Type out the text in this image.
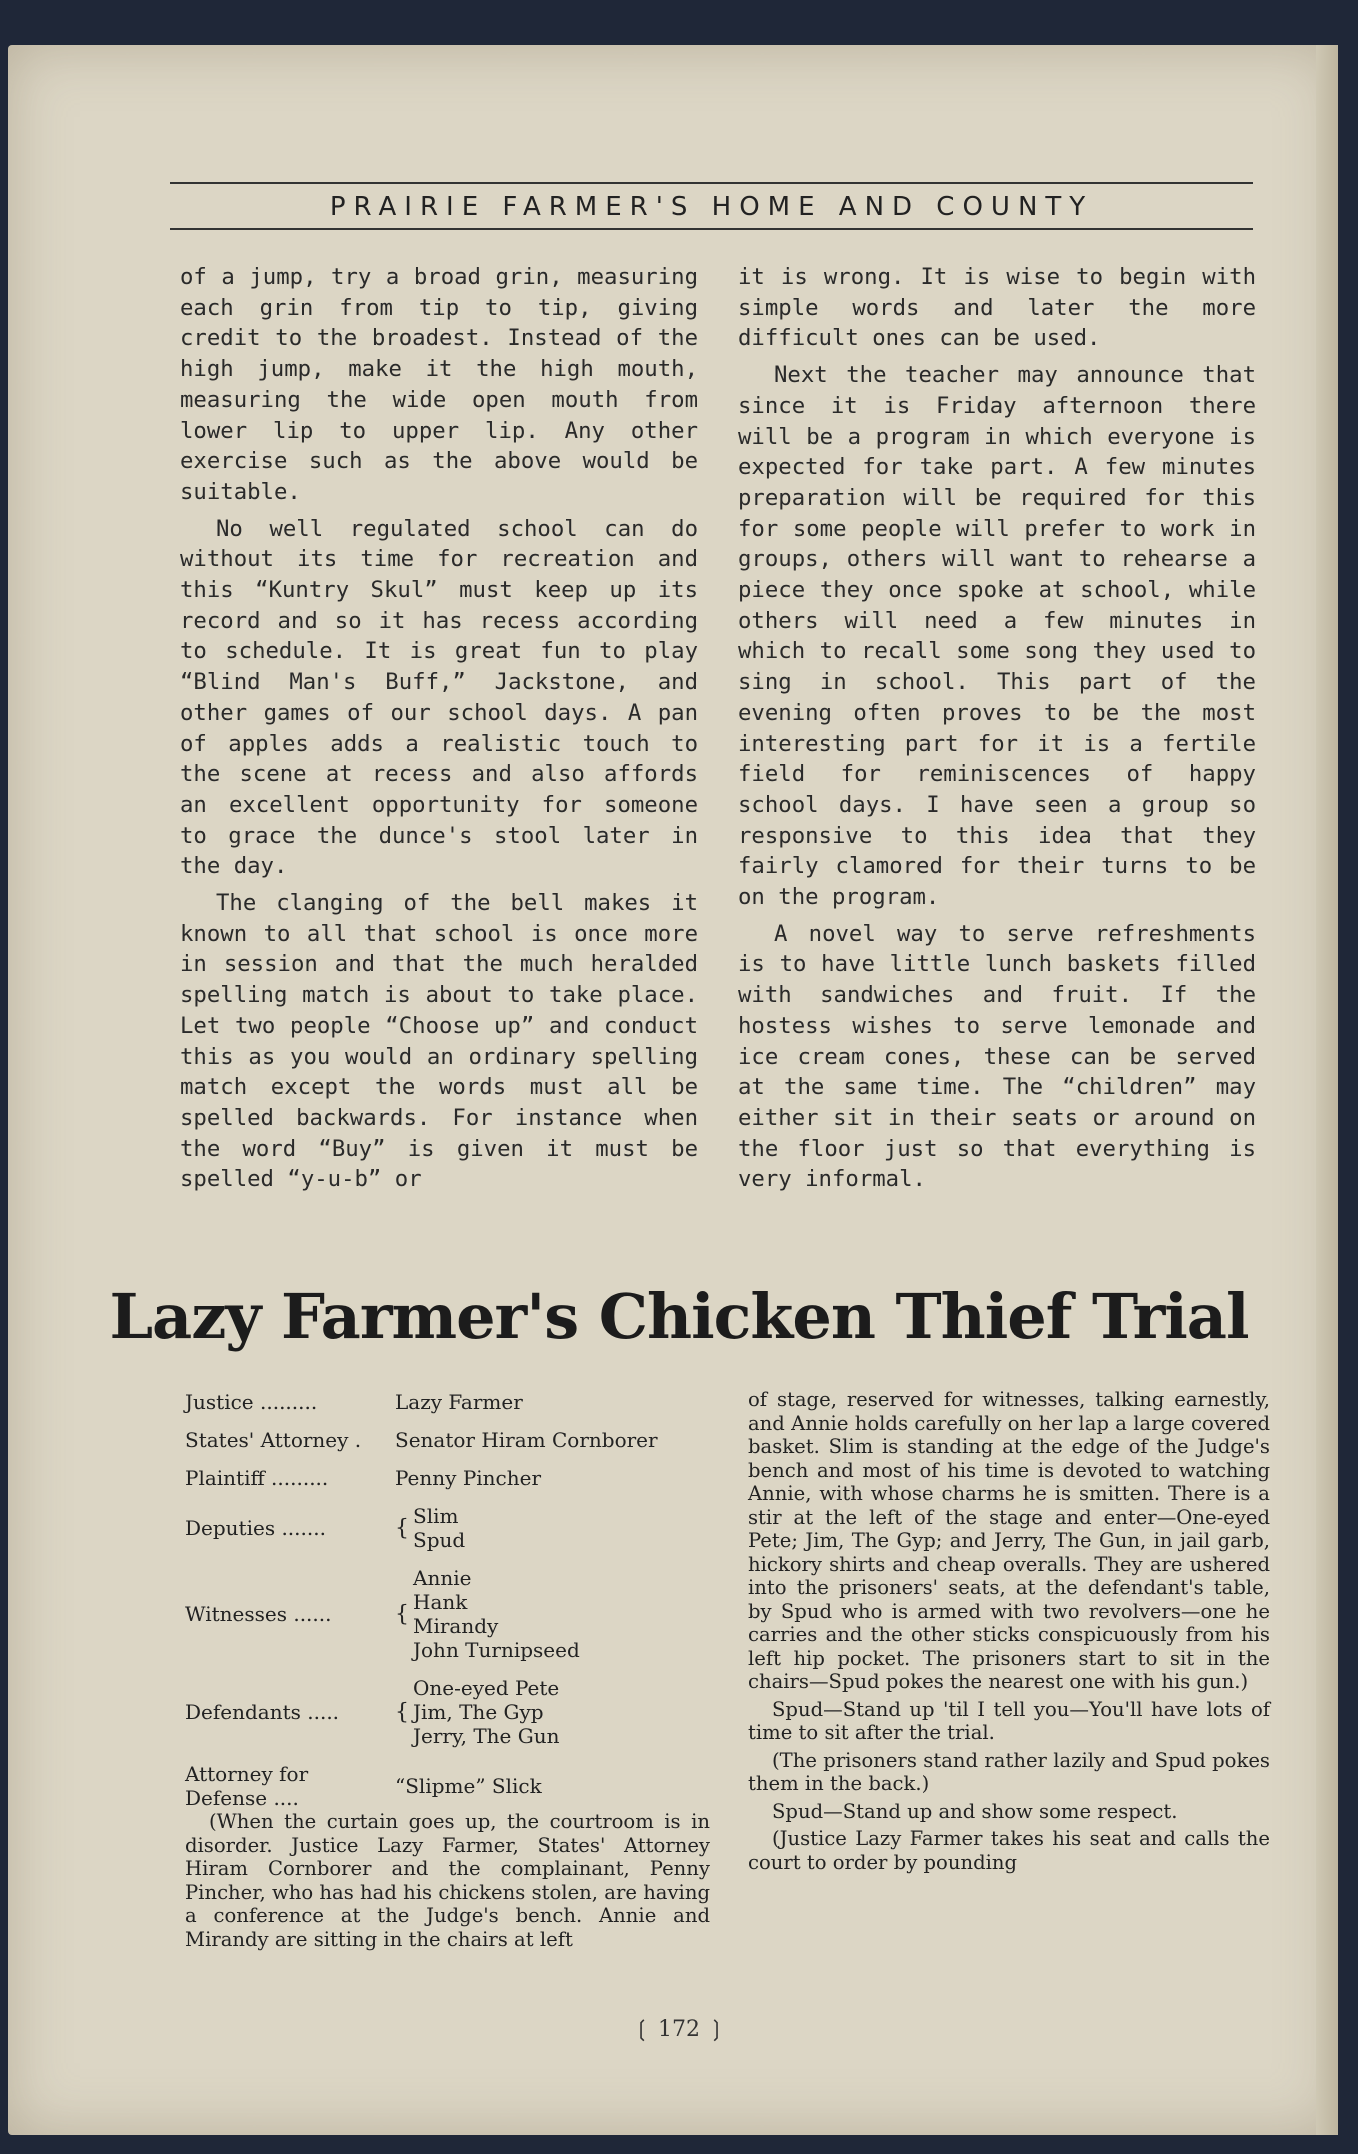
PRAIRIE FARMER'S HOME AND COUNTY

of a jump, try a broad grin, measuring each grin from tip to tip, giving credit to the broadest. Instead of the high jump, make it the high mouth, measuring the wide open mouth from lower lip to upper lip. Any other exercise such as the above would be suitable.

No well regulated school can do without its time for recreation and this “Kuntry Skul” must keep up its record and so it has recess according to schedule. It is great fun to play “Blind Man's Buff,” Jackstone, and other games of our school days. A pan of apples adds a realistic touch to the scene at recess and also affords an excellent opportunity for someone to grace the dunce's stool later in the day.

The clanging of the bell makes it known to all that school is once more in session and that the much heralded spelling match is about to take place. Let two people “Choose up” and conduct this as you would an ordinary spelling match except the words must all be spelled backwards. For instance when the word “Buy” is given it must be spelled “y-u-b” or

it is wrong. It is wise to begin with simple words and later the more difficult ones can be used.

Next the teacher may announce that since it is Friday afternoon there will be a program in which everyone is expected for take part. A few minutes preparation will be required for this for some people will prefer to work in groups, others will want to rehearse a piece they once spoke at school, while others will need a few minutes in which to recall some song they used to sing in school. This part of the evening often proves to be the most interesting part for it is a fertile field for reminiscences of happy school days. I have seen a group so responsive to this idea that they fairly clamored for their turns to be on the program.

A novel way to serve refreshments is to have little lunch baskets filled with sandwiches and fruit. If the hostess wishes to serve lemonade and ice cream cones, these can be served at the same time. The “children” may either sit in their seats or around on the floor just so that everything is very informal.

Lazy Farmer's Chicken Thief Trial
Justice .........	Lazy Farmer
States' Attorney .	Senator Hiram Cornborer
Plaintiff .........	Penny Pincher
Deputies .......	{ Slim
Spud
Witnesses ......	{
Annie
Hank
Mirandy
John Turnipseed
Defendants .....	{
One-eyed Pete
Jim, The Gyp
Jerry, The Gun
Attorney for Defense ....	“Slipme” Slick

(When the curtain goes up, the courtroom is in disorder. Justice Lazy Farmer, States' Attorney Hiram Cornborer and the complainant, Penny Pincher, who has had his chickens stolen, are having a conference at the Judge's bench. Annie and Mirandy are sitting in the chairs at left

of stage, reserved for witnesses, talking earnestly, and Annie holds carefully on her lap a large covered basket. Slim is standing at the edge of the Judge's bench and most of his time is devoted to watching Annie, with whose charms he is smitten. There is a stir at the left of the stage and enter—One-eyed Pete; Jim, The Gyp; and Jerry, The Gun, in jail garb, hickory shirts and cheap overalls. They are ushered into the prisoners' seats, at the defendant's table, by Spud who is armed with two revolvers—one he carries and the other sticks conspicuously from his left hip pocket. The prisoners start to sit in the chairs—Spud pokes the nearest one with his gun.)

Spud—Stand up 'til I tell you—You'll have lots of time to sit after the trial.

(The prisoners stand rather lazily and Spud pokes them in the back.)

Spud—Stand up and show some respect.

(Justice Lazy Farmer takes his seat and calls the court to order by pounding

❲ 172 ❳
